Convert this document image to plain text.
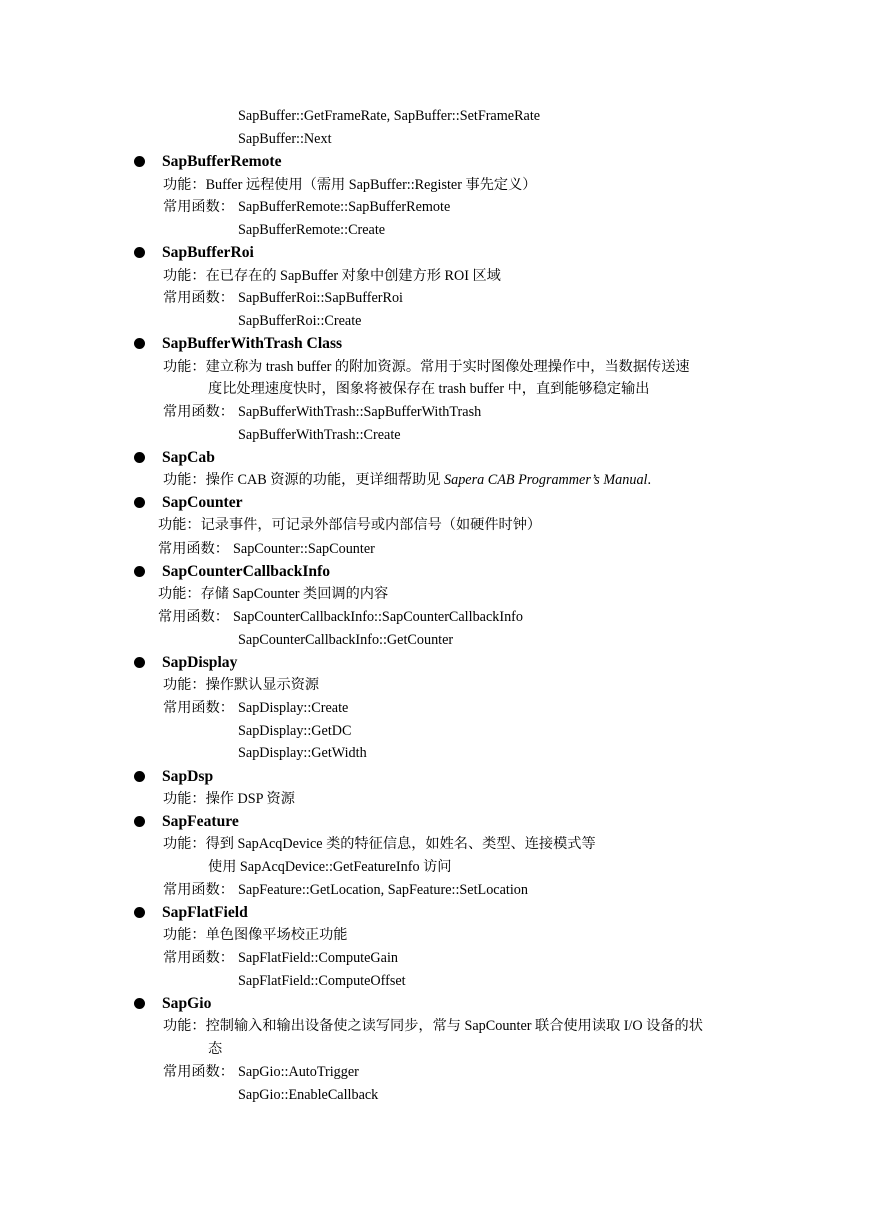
SapBuffer::GetFrameRate, SapBuffer::SetFrameRate
SapBuffer::Next
SapBufferRemote
功能：Buffer 远程使用（需用 SapBuffer::Register 事先定义）
常用函数： SapBufferRemote::SapBufferRemote
SapBufferRemote::Create
SapBufferRoi
功能：在已存在的 SapBuffer 对象中创建方形 ROI 区域
常用函数： SapBufferRoi::SapBufferRoi
SapBufferRoi::Create
SapBufferWithTrash Class
功能：建立称为 trash buffer 的附加资源。常用于实时图像处理操作中，当数据传送速
度比处理速度快时，图象将被保存在 trash buffer 中，直到能够稳定输出
常用函数： SapBufferWithTrash::SapBufferWithTrash
SapBufferWithTrash::Create
SapCab
功能：操作 CAB 资源的功能，更详细帮助见 Sapera CAB Programmer’s Manual.
SapCounter
功能：记录事件，可记录外部信号或内部信号（如硬件时钟）
常用函数： SapCounter::SapCounter
SapCounterCallbackInfo
功能：存储 SapCounter 类回调的内容
常用函数： SapCounterCallbackInfo::SapCounterCallbackInfo
SapCounterCallbackInfo::GetCounter
SapDisplay
功能：操作默认显示资源
常用函数： SapDisplay::Create
SapDisplay::GetDC
SapDisplay::GetWidth
SapDsp
功能：操作 DSP 资源
SapFeature
功能：得到 SapAcqDevice 类的特征信息，如姓名、类型、连接模式等
使用 SapAcqDevice::GetFeatureInfo 访问
常用函数： SapFeature::GetLocation, SapFeature::SetLocation
SapFlatField
功能：单色图像平场校正功能
常用函数： SapFlatField::ComputeGain
SapFlatField::ComputeOffset
SapGio
功能：控制输入和输出设备使之读写同步，常与 SapCounter 联合使用读取 I/O 设备的状
态
常用函数： SapGio::AutoTrigger
SapGio::EnableCallback
